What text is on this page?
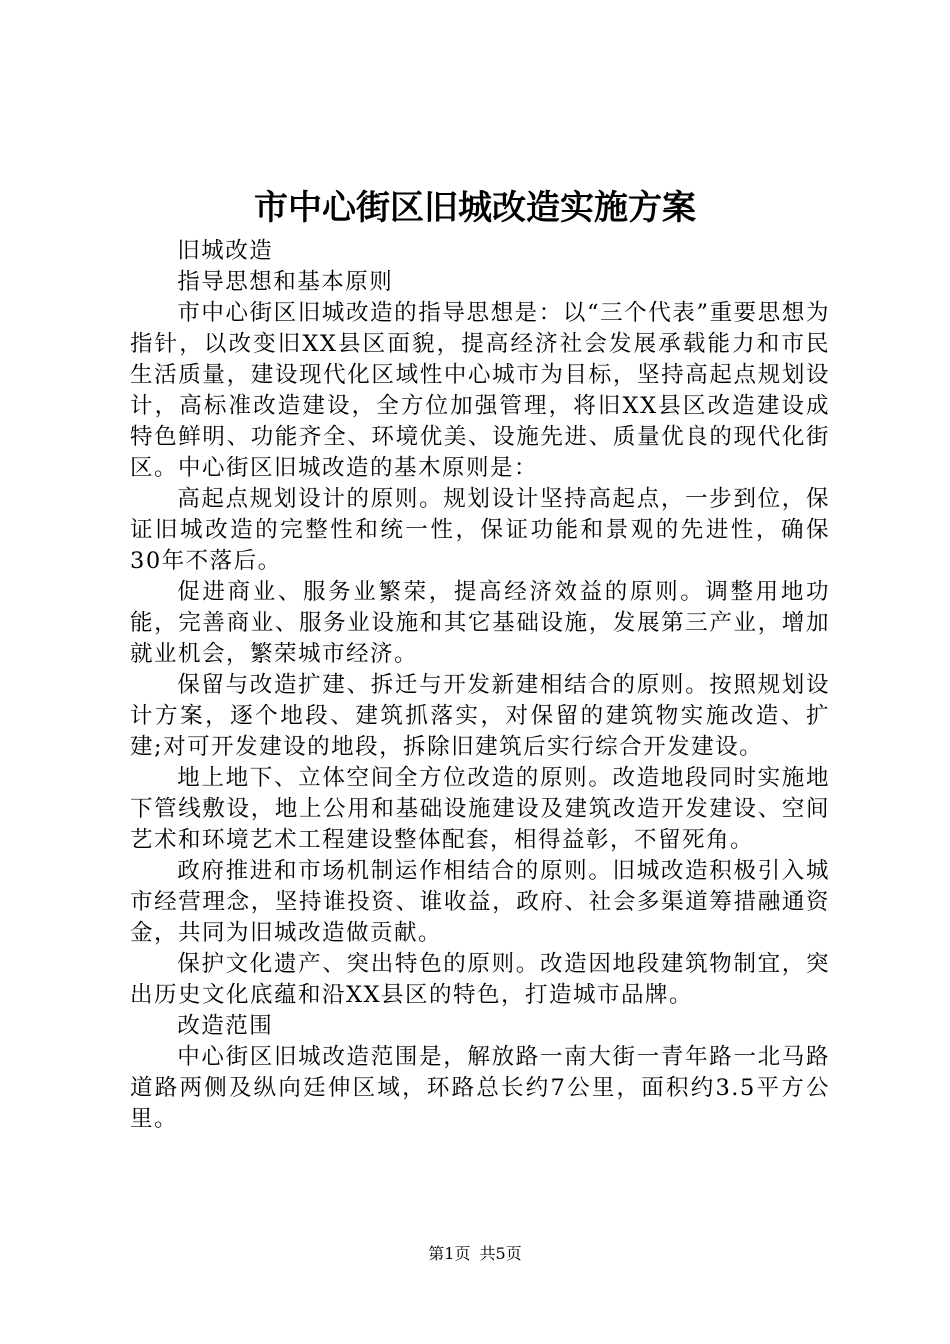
市中心街区旧城改造实施方案

旧城改造

指导思想和基本原则

市中心街区旧城改造的指导思想是：以“三个代表”重要思想为指针，以改变旧XX县区面貌，提高经济社会发展承载能力和市民生活质量，建设现代化区域性中心城市为目标，坚持高起点规划设计，高标准改造建设，全方位加强管理，将旧XX县区改造建设成特色鲜明、功能齐全、环境优美、设施先进、质量优良的现代化街区。中心街区旧城改造的基木原则是：

高起点规划设计的原则。规划设计坚持高起点，一步到位，保证旧城改造的完整性和统一性，保证功能和景观的先进性，确保30年不落后。

促进商业、服务业繁荣，提高经济效益的原则。调整用地功能，完善商业、服务业设施和其它基础设施，发展第三产业，增加就业机会，繁荣城市经济。

保留与改造扩建、拆迁与开发新建相结合的原则。按照规划设计方案，逐个地段、建筑抓落实，对保留的建筑物实施改造、扩建;对可开发建设的地段，拆除旧建筑后实行综合开发建设。

地上地下、立体空间全方位改造的原则。改造地段同时实施地下管线敷设，地上公用和基础设施建设及建筑改造开发建设、空间艺术和环境艺术工程建设整体配套，相得益彰，不留死角。

政府推进和市场机制运作相结合的原则。旧城改造积极引入城市经营理念，坚持谁投资、谁收益，政府、社会多渠道筹措融通资金，共同为旧城改造做贡献。

保护文化遗产、突出特色的原则。改造因地段建筑物制宜，突出历史文化底蕴和沿XX县区的特色，打造城市品牌。

改造范围

中心街区旧城改造范围是，解放路一南大街一青年路一北马路道路两侧及纵向廷伸区域，环路总长约7公里，面积约3.5平方公里。

第1页 共5页
